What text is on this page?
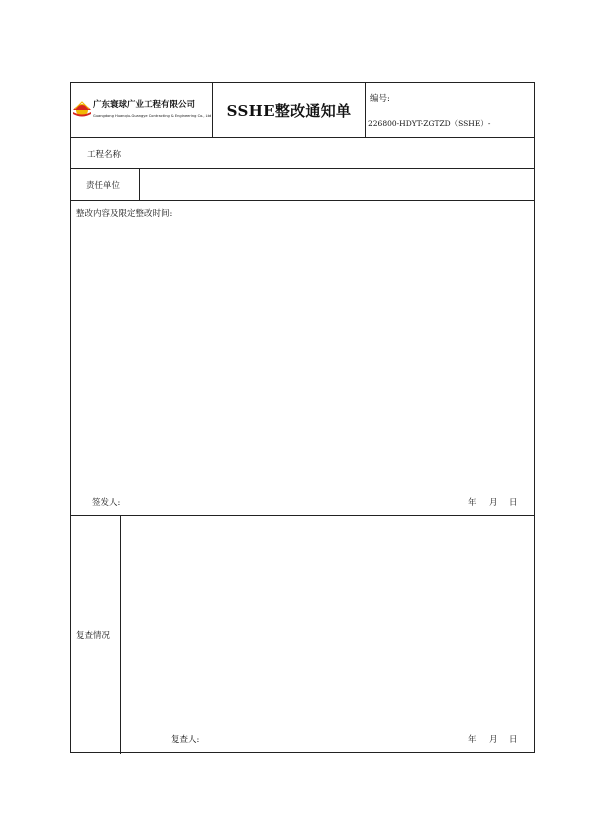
广东寰球广业工程有限公司
Guangdong Huanqiu-Guangye Contracting & Engineering Co., Ltd	SSHE整改通知单
编号:
226800-HDYT-ZGTZD（SSHE）-
工程名称
责任单位
整改内容及限定整改时间:
签发人:	年 月 日
复查情况
复查人:	年 月 日
